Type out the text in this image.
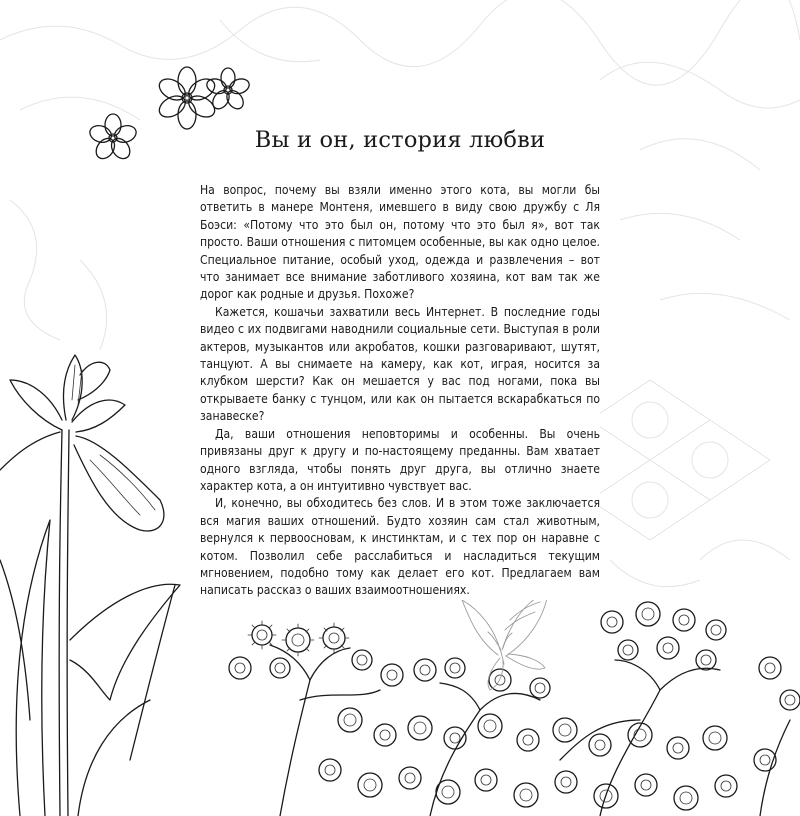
Вы и он, история любви

На вопрос, почему вы взяли именно этого кота, вы могли бы ответить в манере Монтеня, имевшего в виду свою дружбу с Ля Боэси: «Потому что это был он, потому что это был я», вот так просто. Ваши отношения с питомцем особенные, вы как одно целое. Специальное питание, особый уход, одежда и развлечения – вот что занимает все внимание заботливого хозяина, кот вам так же дорог как родные и друзья. Похоже?

Кажется, кошачьи захватили весь Интернет. В последние годы видео с их подвигами наводнили социальные сети. Выступая в роли актеров, музыкантов или акробатов, кошки разговаривают, шутят, танцуют. А вы снимаете на камеру, как кот, играя, носится за клубком шерсти? Как он мешается у вас под ногами, пока вы открываете банку с тунцом, или как он пытается вскарабкаться по занавеске?

Да, ваши отношения неповторимы и особенны. Вы очень привязаны друг к другу и по-настоящему преданны. Вам хватает одного взгляда, чтобы понять друг друга, вы отлично знаете характер кота, а он интуитивно чувствует вас.

И, конечно, вы обходитесь без слов. И в этом тоже заключается вся магия ваших отношений. Будто хозяин сам стал животным, вернулся к первоосновам, к инстинктам, и с тех пор он наравне с котом. Позволил себе расслабиться и насладиться текущим мгновением, подобно тому как делает его кот. Предлагаем вам написать рассказ о ваших взаимоотношениях.
